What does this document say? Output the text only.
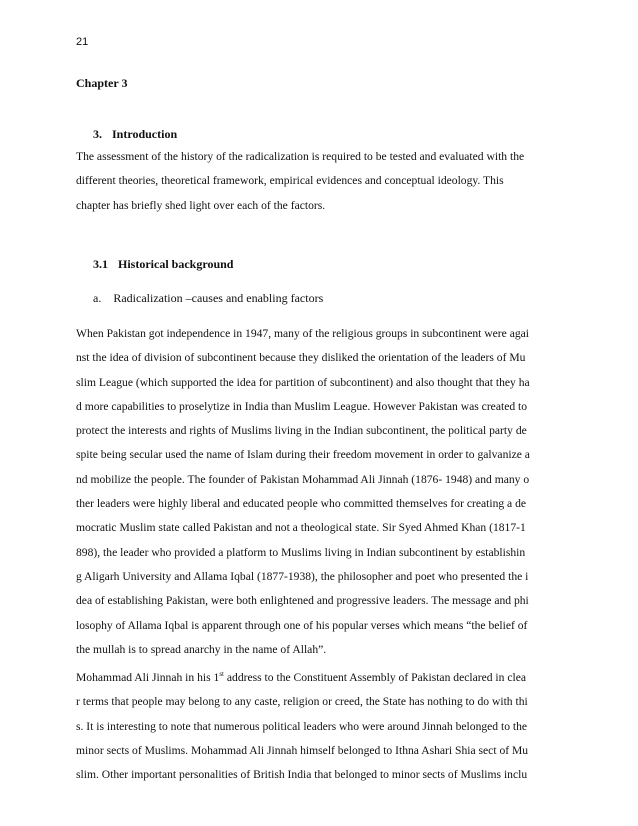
21
Chapter 3
3. Introduction
The assessment of the history of the radicalization is required to be tested and evaluated with the
different theories, theoretical framework, empirical evidences and conceptual ideology. This
chapter has briefly shed light over each of the factors.
3.1 Historical background
a. Radicalization –causes and enabling factors
When Pakistan got independence in 1947, many of the religious groups in subcontinent were agai
nst the idea of division of subcontinent because they disliked the orientation of the leaders of Mu
slim League (which supported the idea for partition of subcontinent) and also thought that they ha
d more capabilities to proselytize in India than Muslim League. However Pakistan was created to
protect the interests and rights of Muslims living in the Indian subcontinent, the political party de
spite being secular used the name of Islam during their freedom movement in order to galvanize a
nd mobilize the people. The founder of Pakistan Mohammad Ali Jinnah (1876- 1948) and many o
ther leaders were highly liberal and educated people who committed themselves for creating a de
mocratic Muslim state called Pakistan and not a theological state. Sir Syed Ahmed Khan (1817-1
898), the leader who provided a platform to Muslims living in Indian subcontinent by establishin
g Aligarh University and Allama Iqbal (1877-1938), the philosopher and poet who presented the i
dea of establishing Pakistan, were both enlightened and progressive leaders. The message and phi
losophy of Allama Iqbal is apparent through one of his popular verses which means “the belief of
the mullah is to spread anarchy in the name of Allah”.
Mohammad Ali Jinnah in his 1st address to the Constituent Assembly of Pakistan declared in clea
r terms that people may belong to any caste, religion or creed, the State has nothing to do with thi
s. It is interesting to note that numerous political leaders who were around Jinnah belonged to the
minor sects of Muslims. Mohammad Ali Jinnah himself belonged to Ithna Ashari Shia sect of Mu
slim. Other important personalities of British India that belonged to minor sects of Muslims inclu
